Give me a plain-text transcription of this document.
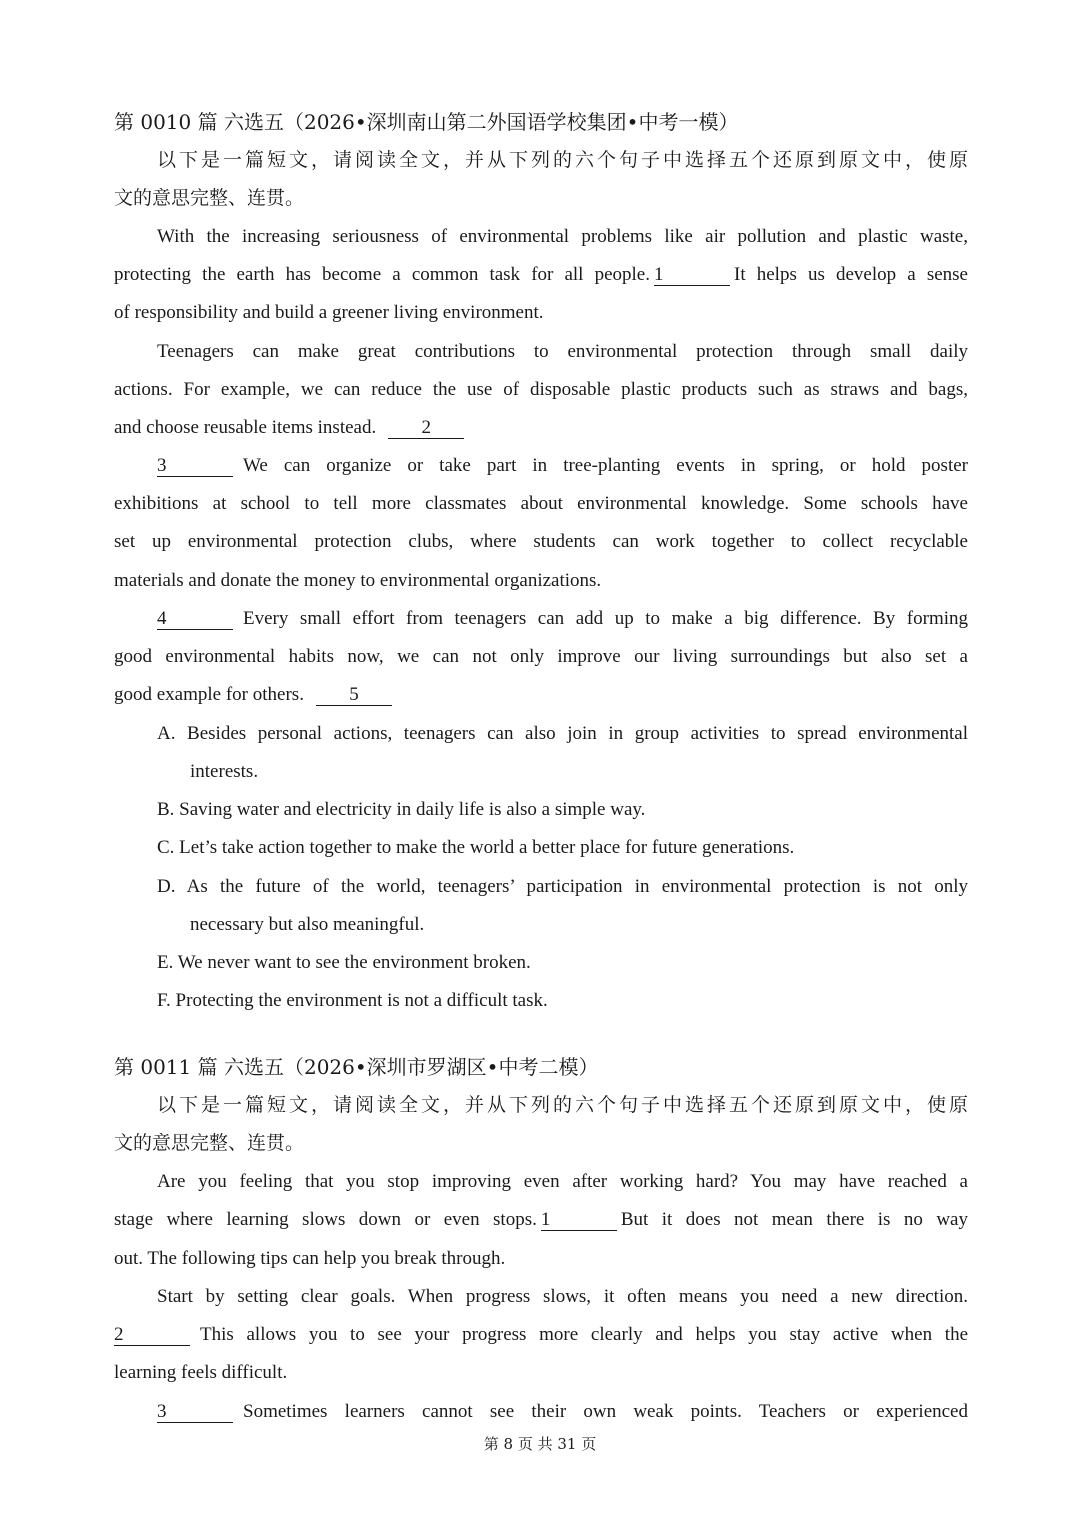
第 0010 篇 六选五（2026•深圳南山第二外国语学校集团•中考一模）
以下是一篇短文，请阅读全文，并从下列的六个句子中选择五个还原到原文中，使原
文的意思完整、连贯。
With the increasing seriousness of environmental problems like air pollution and plastic waste,
protecting the earth has become a common task for all people. 1	It helps us develop a sense
of responsibility and build a greener living environment.
Teenagers can make great contributions to environmental protection through small daily
actions. For example, we can reduce the use of disposable plastic products such as straws and bags,
and choose reusable items instead. 2
3	We can organize or take part in tree-planting events in spring, or hold poster
exhibitions at school to tell more classmates about environmental knowledge. Some schools have
set up environmental protection clubs, where students can work together to collect recyclable
materials and donate the money to environmental organizations.
4	Every small effort from teenagers can add up to make a big difference. By forming
good environmental habits now, we can not only improve our living surroundings but also set a
good example for others. 5
A. Besides personal actions, teenagers can also join in group activities to spread environmental
interests.
B. Saving water and electricity in daily life is also a simple way.
C. Let’s take action together to make the world a better place for future generations.
D. As the future of the world, teenagers’ participation in environmental protection is not only
necessary but also meaningful.
E. We never want to see the environment broken.
F. Protecting the environment is not a difficult task.
第 0011 篇 六选五（2026•深圳市罗湖区•中考二模）
以下是一篇短文，请阅读全文，并从下列的六个句子中选择五个还原到原文中，使原
文的意思完整、连贯。
Are you feeling that you stop improving even after working hard? You may have reached a
stage where learning slows down or even stops. 1	But it does not mean there is no way
out. The following tips can help you break through.
Start by setting clear goals. When progress slows, it often means you need a new direction.
2	This allows you to see your progress more clearly and helps you stay active when the
learning feels difficult.
3	Sometimes learners cannot see their own weak points. Teachers or experienced
第 8 页 共 31 页
